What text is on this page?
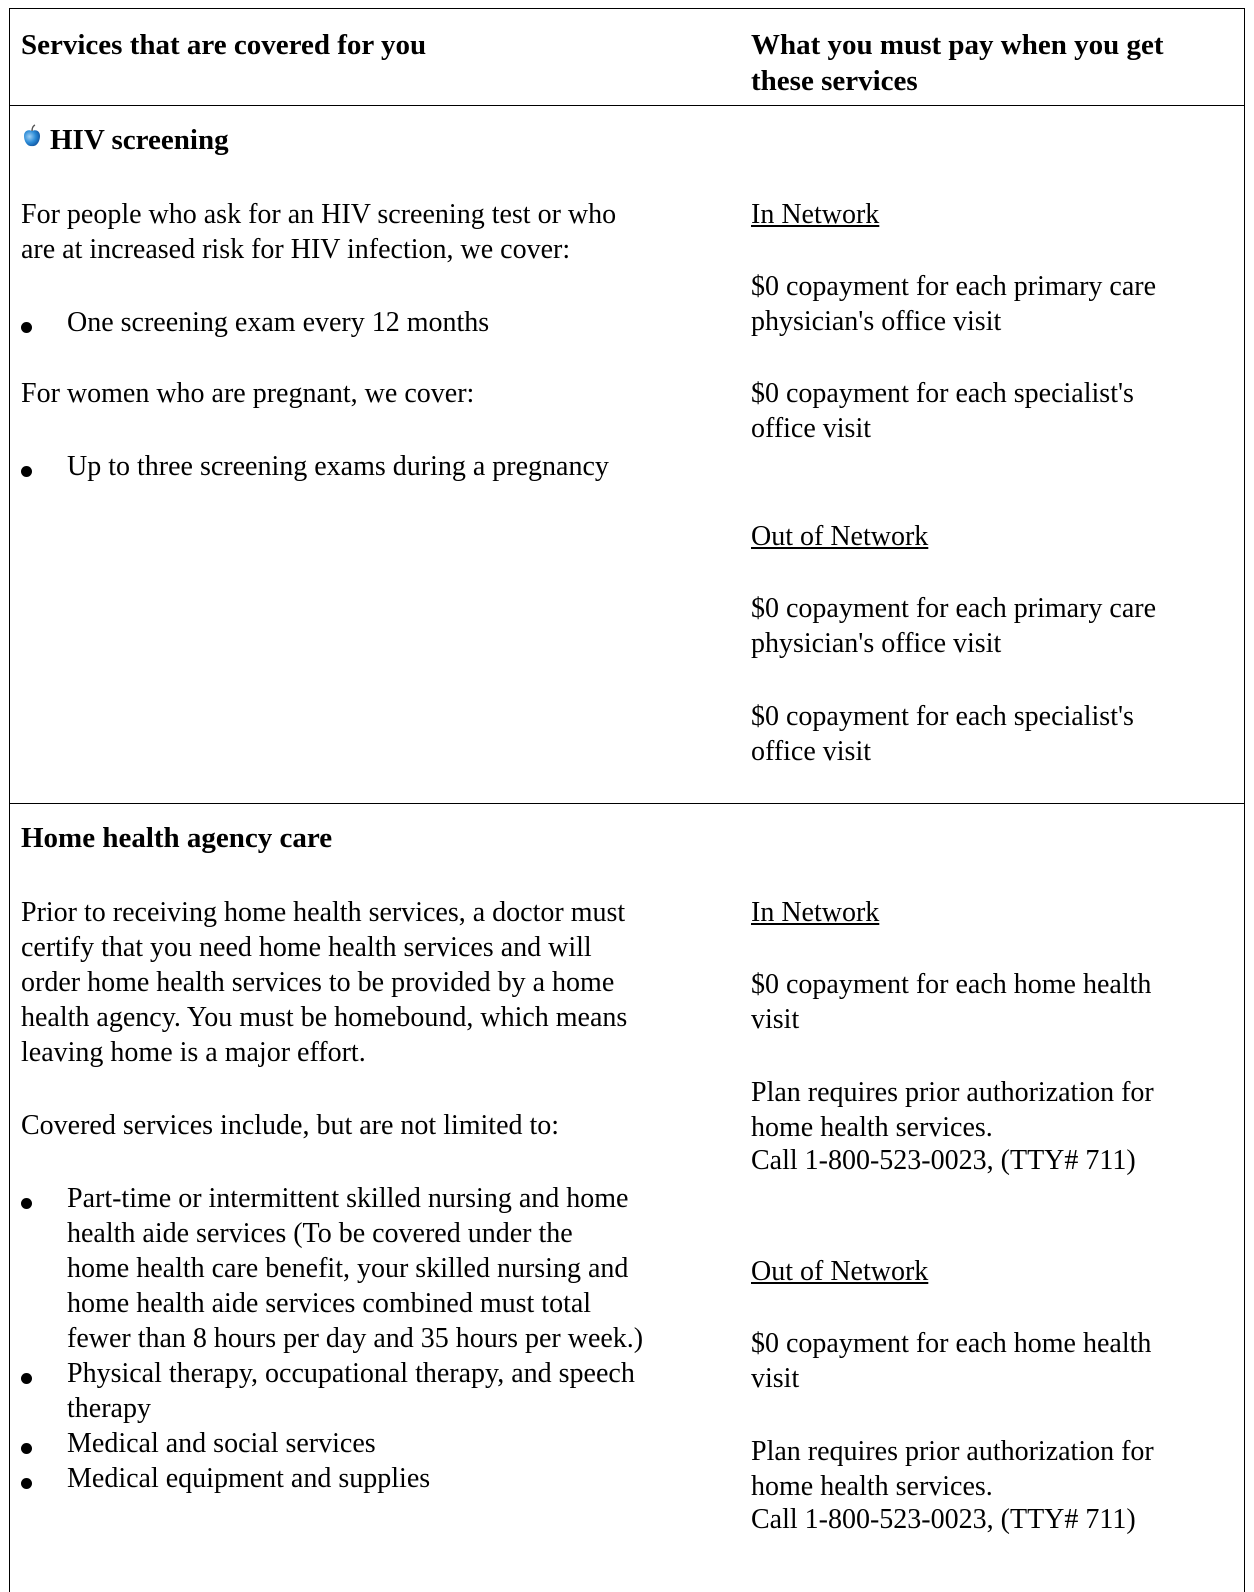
Services that are covered for you	What you must pay when you get
these services
HIV screening
For people who ask for an HIV screening test or who
are at increased risk for HIV infection, we cover:
One screening exam every 12 months
For women who are pregnant, we cover:
Up to three screening exams during a pregnancy
In Network
$0 copayment for each primary care
physician's office visit
$0 copayment for each specialist's
office visit
Out of Network
$0 copayment for each primary care
physician's office visit
$0 copayment for each specialist's
office visit
Home health agency care
Prior to receiving home health services, a doctor must
certify that you need home health services and will
order home health services to be provided by a home
health agency. You must be homebound, which means
leaving home is a major effort.
Covered services include, but are not limited to:
Part-time or intermittent skilled nursing and home
health aide services (To be covered under the
home health care benefit, your skilled nursing and
home health aide services combined must total
fewer than 8 hours per day and 35 hours per week.)
Physical therapy, occupational therapy, and speech
therapy
Medical and social services
Medical equipment and supplies
In Network
$0 copayment for each home health
visit
Plan requires prior authorization for
home health services.
Call 1-800-523-0023, (TTY# 711)
Out of Network
$0 copayment for each home health
visit
Plan requires prior authorization for
home health services.
Call 1-800-523-0023, (TTY# 711)
